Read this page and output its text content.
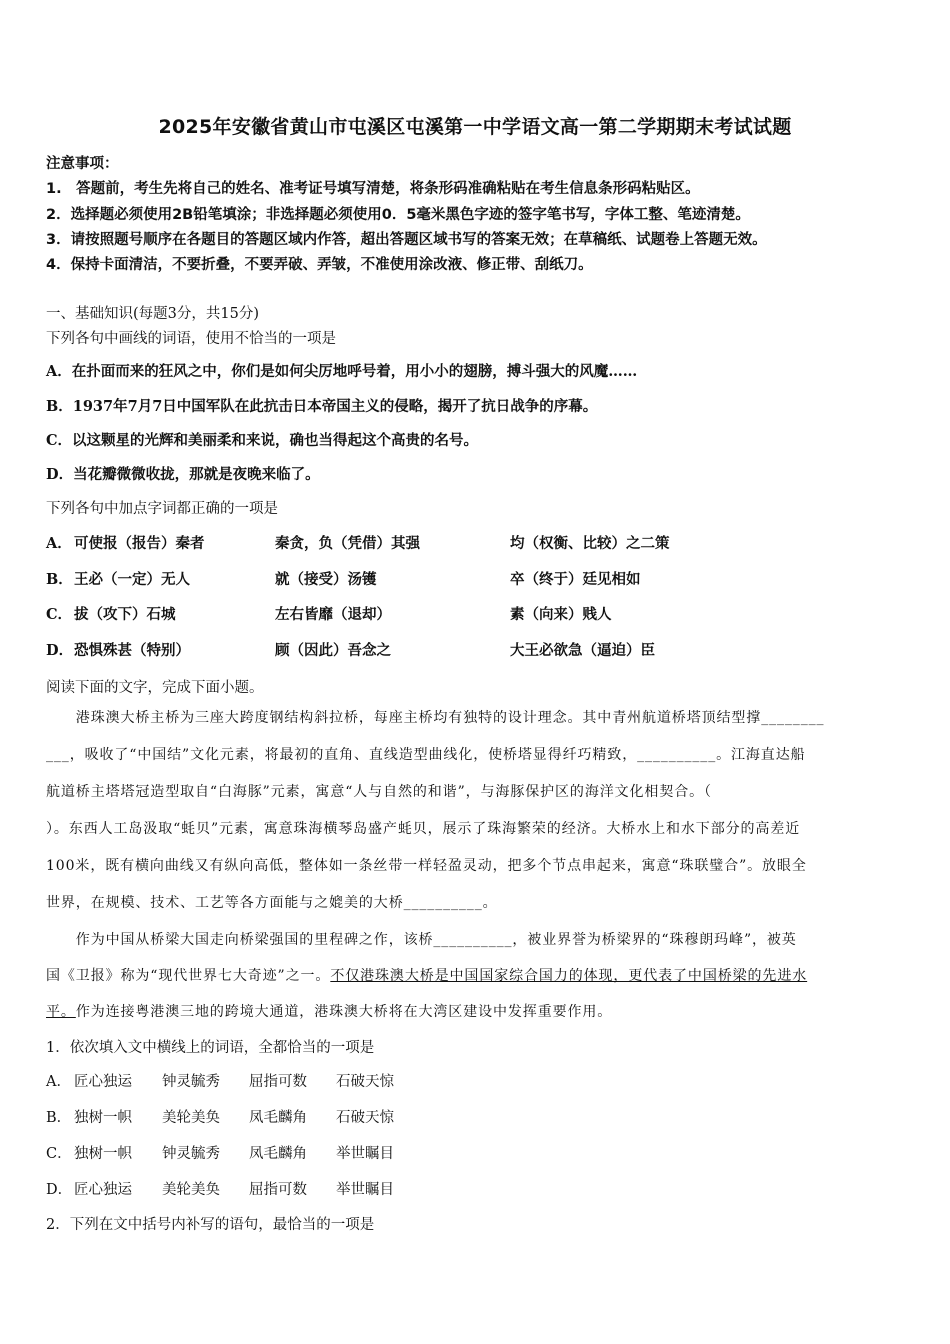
2025年安徽省黄山市屯溪区屯溪第一中学语文高一第二学期期末考试试题
注意事项：
1.　答题前，考生先将自己的姓名、准考证号填写清楚，将条形码准确粘贴在考生信息条形码粘贴区。
2．选择题必须使用2B铅笔填涂；非选择题必须使用0．5毫米黑色字迹的签字笔书写，字体工整、笔迹清楚。
3．请按照题号顺序在各题目的答题区域内作答，超出答题区域书写的答案无效；在草稿纸、试题卷上答题无效。
4．保持卡面清洁，不要折叠，不要弄破、弄皱，不准使用涂改液、修正带、刮纸刀。
一、基础知识(每题3分，共15分)
下列各句中画线的词语，使用不恰当的一项是
A．在扑面而来的狂风之中，你们是如何尖厉地呼号着，用小小的翅膀，搏斗强大的风魔……
B．1937年7月7日中国军队在此抗击日本帝国主义的侵略，揭开了抗日战争的序幕。
C．以这颗星的光辉和美丽柔和来说，确也当得起这个高贵的名号。
D．当花瓣微微收拢，那就是夜晚来临了。
下列各句中加点字词都正确的一项是
A． 可使报（报告）秦者	秦贪，负（凭借）其强	均（权衡、比较）之二策
B． 王必（一定）无人	就（接受）汤镬	卒（终于）廷见相如
C． 拔（攻下）石城	左右皆靡（退却）	素（向来）贱人
D． 恐惧殊甚（特别）	顾（因此）吾念之	大王必欲急（逼迫）臣
阅读下面的文字，完成下面小题。
　　港珠澳大桥主桥为三座大跨度钢结构斜拉桥，每座主桥均有独特的设计理念。其中青州航道桥塔顶结型撑________
___，吸收了“中国结”文化元素，将最初的直角、直线造型曲线化，使桥塔显得纤巧精致，__________。江海直达船
航道桥主塔塔冠造型取自“白海豚”元素，寓意“人与自然的和谐”，与海豚保护区的海洋文化相契合。（
）。东西人工岛汲取“蚝贝”元素，寓意珠海横琴岛盛产蚝贝，展示了珠海繁荣的经济。大桥水上和水下部分的高差近
100米，既有横向曲线又有纵向高低，整体如一条丝带一样轻盈灵动，把多个节点串起来，寓意“珠联璧合”。放眼全
世界，在规模、技术、工艺等各方面能与之媲美的大桥__________。
　　作为中国从桥梁大国走向桥梁强国的里程碑之作，该桥__________，被业界誉为桥梁界的“珠穆朗玛峰”，被英
国《卫报》称为“现代世界七大奇迹”之一。不仅港珠澳大桥是中国国家综合国力的体现，更代表了中国桥梁的先进水
平。作为连接粤港澳三地的跨境大通道，港珠澳大桥将在大湾区建设中发挥重要作用。
1．依次填入文中横线上的词语，全都恰当的一项是
A． 匠心独运 钟灵毓秀 屈指可数 石破天惊
B． 独树一帜 美轮美奂 凤毛麟角 石破天惊
C． 独树一帜 钟灵毓秀 凤毛麟角 举世瞩目
D． 匠心独运 美轮美奂 屈指可数 举世瞩目
2．下列在文中括号内补写的语句，最恰当的一项是
